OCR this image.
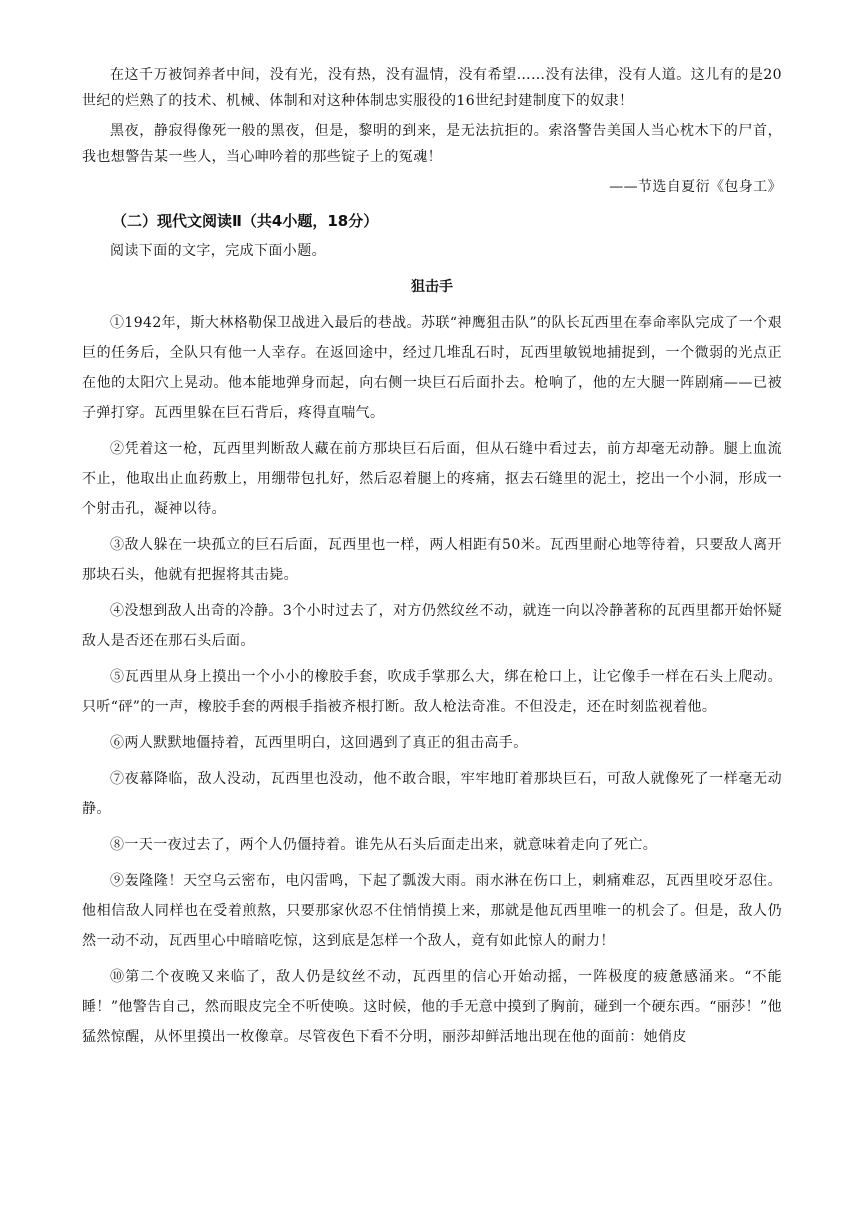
在这千万被饲养者中间，没有光，没有热，没有温情，没有希望……没有法律，没有人道。这儿有的是20世纪的烂熟了的技术、机械、体制和对这种体制忠实服役的16世纪封建制度下的奴隶！

黑夜，静寂得像死一般的黑夜，但是，黎明的到来，是无法抗拒的。索洛警告美国人当心枕木下的尸首，我也想警告某一些人，当心呻吟着的那些锭子上的冤魂！

——节选自夏衍《包身工》

（二）现代文阅读Ⅱ（共4小题，18分）

阅读下面的文字，完成下面小题。

狙击手

①1942年，斯大林格勒保卫战进入最后的巷战。苏联“神鹰狙击队”的队长瓦西里在奉命率队完成了一个艰巨的任务后，全队只有他一人幸存。在返回途中，经过几堆乱石时，瓦西里敏锐地捕捉到，一个微弱的光点正在他的太阳穴上晃动。他本能地弹身而起，向右侧一块巨石后面扑去。枪响了，他的左大腿一阵剧痛——已被子弹打穿。瓦西里躲在巨石背后，疼得直喘气。

②凭着这一枪，瓦西里判断敌人藏在前方那块巨石后面，但从石缝中看过去，前方却毫无动静。腿上血流不止，他取出止血药敷上，用绷带包扎好，然后忍着腿上的疼痛，抠去石缝里的泥土，挖出一个小洞，形成一个射击孔，凝神以待。

③敌人躲在一块孤立的巨石后面，瓦西里也一样，两人相距有50米。瓦西里耐心地等待着，只要敌人离开那块石头，他就有把握将其击毙。

④没想到敌人出奇的冷静。3个小时过去了，对方仍然纹丝不动，就连一向以冷静著称的瓦西里都开始怀疑敌人是否还在那石头后面。

⑤瓦西里从身上摸出一个小小的橡胶手套，吹成手掌那么大，绑在枪口上，让它像手一样在石头上爬动。只听“砰”的一声，橡胶手套的两根手指被齐根打断。敌人枪法奇准。不但没走，还在时刻监视着他。

⑥两人默默地僵持着，瓦西里明白，这回遇到了真正的狙击高手。

⑦夜幕降临，敌人没动，瓦西里也没动，他不敢合眼，牢牢地盯着那块巨石，可敌人就像死了一样毫无动静。

⑧一天一夜过去了，两个人仍僵持着。谁先从石头后面走出来，就意味着走向了死亡。

⑨轰隆隆！天空乌云密布，电闪雷鸣，下起了瓢泼大雨。雨水淋在伤口上，刺痛难忍，瓦西里咬牙忍住。他相信敌人同样也在受着煎熬，只要那家伙忍不住悄悄摸上来，那就是他瓦西里唯一的机会了。但是，敌人仍然一动不动，瓦西里心中暗暗吃惊，这到底是怎样一个敌人，竟有如此惊人的耐力！

⑩第二个夜晚又来临了，敌人仍是纹丝不动，瓦西里的信心开始动摇，一阵极度的疲惫感涌来。“不能睡！”他警告自己，然而眼皮完全不听使唤。这时候，他的手无意中摸到了胸前，碰到一个硬东西。“丽莎！”他猛然惊醒，从怀里摸出一枚像章。尽管夜色下看不分明，丽莎却鲜活地出现在他的面前：她俏皮
